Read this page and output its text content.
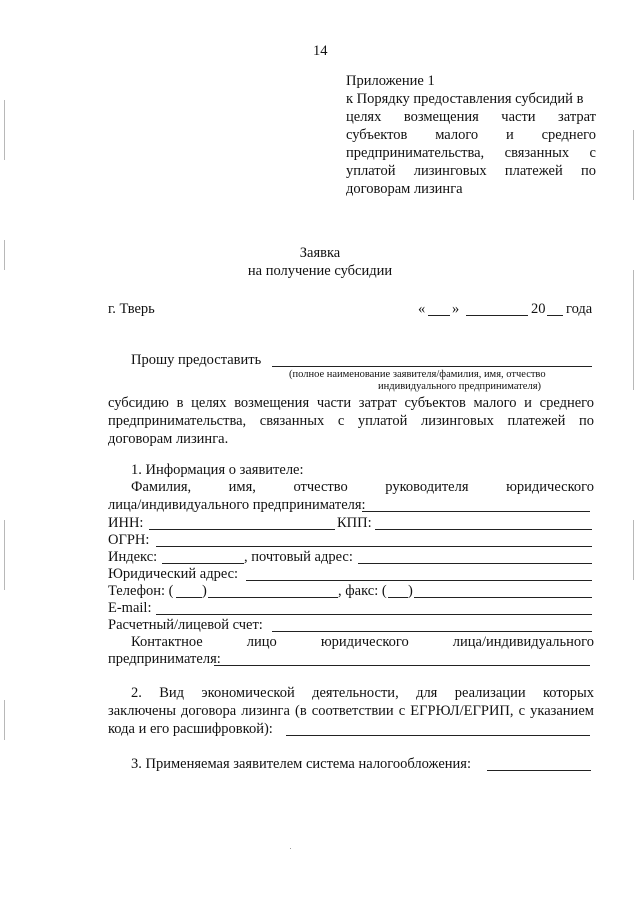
14
Приложение 1
к Порядку предоставления субсидий в
целях возмещения части затрат
субъектов малого и среднего
предпринимательства, связанных с
уплатой лизинговых платежей по
договорам лизинга
Заявка
на получение субсидии
г. Тверь	« »	20 года
Прошу предоставить
(полное наименование заявителя/фамилия, имя, отчество
индивидуального предпринимателя)
субсидию в целях возмещения части затрат субъектов малого и среднего
предпринимательства, связанных с уплатой лизинговых платежей по
договорам лизинга.
1. Информация о заявителе:
Фамилия,	имя,	отчество	руководителя	юридического
лица/индивидуального предпринимателя:
ИНН:	КПП:
ОГРН:
Индекс:	, почтовый адрес:
Юридический адрес:
Телефон: ( )	, факс: ( )
E-mail:
Расчетный/лицевой счет:
Контактное	лицо	юридического	лица/индивидуального
предпринимателя:
2. Вид экономической деятельности, для реализации которых
заключены договора лизинга (в соответствии с ЕГРЮЛ/ЕГРИП, с указанием
кода и его расшифровкой):
3. Применяемая заявителем система налогообложения:
